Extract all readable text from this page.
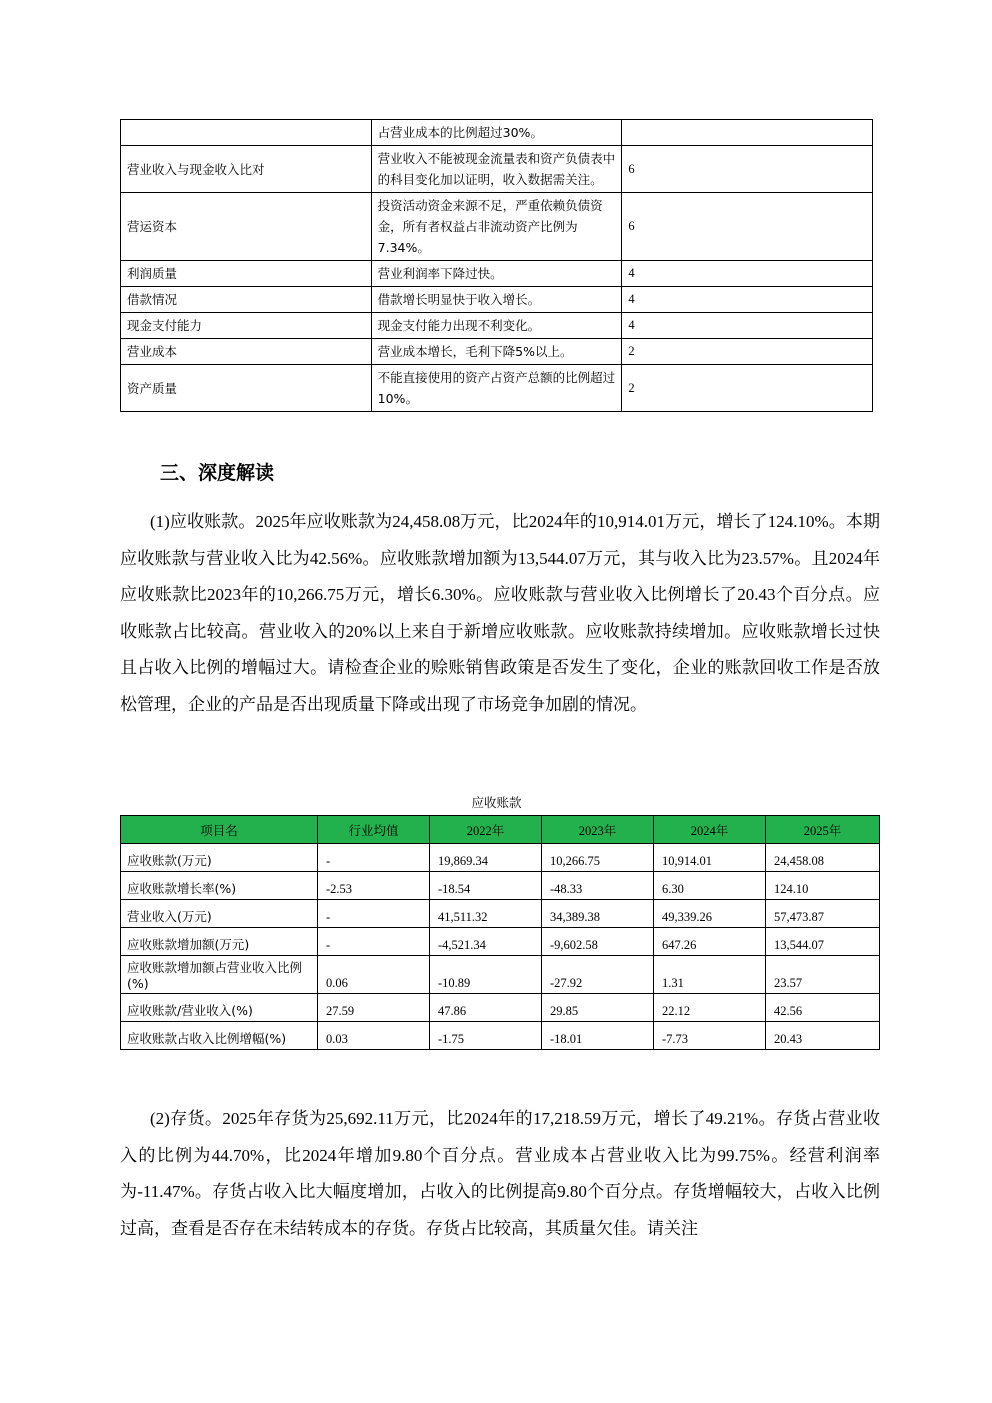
	占营业成本的比例超过30%。	
营业收入与现金收入比对	营业收入不能被现金流量表和资产负债表中的科目变化加以证明，收入数据需关注。	6
营运资本	投资活动资金来源不足，严重依赖负债资金，所有者权益占非流动资产比例为7.34%。	6
利润质量	营业利润率下降过快。	4
借款情况	借款增长明显快于收入增长。	4
现金支付能力	现金支付能力出现不利变化。	4
营业成本	营业成本增长，毛利下降5%以上。	2
资产质量	不能直接使用的资产占资产总额的比例超过10%。	2
三、深度解读
(1)应收账款。2025年应收账款为24,458.08万元，比2024年的10,914.01万元，增长了124.10%。本期应收账款与营业收入比为42.56%。应收账款增加额为13,544.07万元，其与收入比为23.57%。且2024年应收账款比2023年的10,266.75万元，增长6.30%。应收账款与营业收入比例增长了20.43个百分点。应收账款占比较高。营业收入的20%以上来自于新增应收账款。应收账款持续增加。应收账款增长过快且占收入比例的增幅过大。请检查企业的赊账销售政策是否发生了变化，企业的账款回收工作是否放松管理，企业的产品是否出现质量下降或出现了市场竞争加剧的情况。
应收账款
项目名	行业均值	2022年	2023年	2024年	2025年
应收账款(万元)	-	19,869.34	10,266.75	10,914.01	24,458.08
应收账款增长率(%)	-2.53	-18.54	-48.33	6.30	124.10
营业收入(万元)	-	41,511.32	34,389.38	49,339.26	57,473.87
应收账款增加额(万元)	-	-4,521.34	-9,602.58	647.26	13,544.07
应收账款增加额占营业收入比例(%)	0.06	-10.89	-27.92	1.31	23.57
应收账款/营业收入(%)	27.59	47.86	29.85	22.12	42.56
应收账款占收入比例增幅(%)	0.03	-1.75	-18.01	-7.73	20.43
(2)存货。2025年存货为25,692.11万元，比2024年的17,218.59万元，增长了49.21%。存货占营业收入的比例为44.70%，比2024年增加9.80个百分点。营业成本占营业收入比为99.75%。经营利润率为-11.47%。存货占收入比大幅度增加，占收入的比例提高9.80个百分点。存货增幅较大，占收入比例过高，查看是否存在未结转成本的存货。存货占比较高，其质量欠佳。请关注
